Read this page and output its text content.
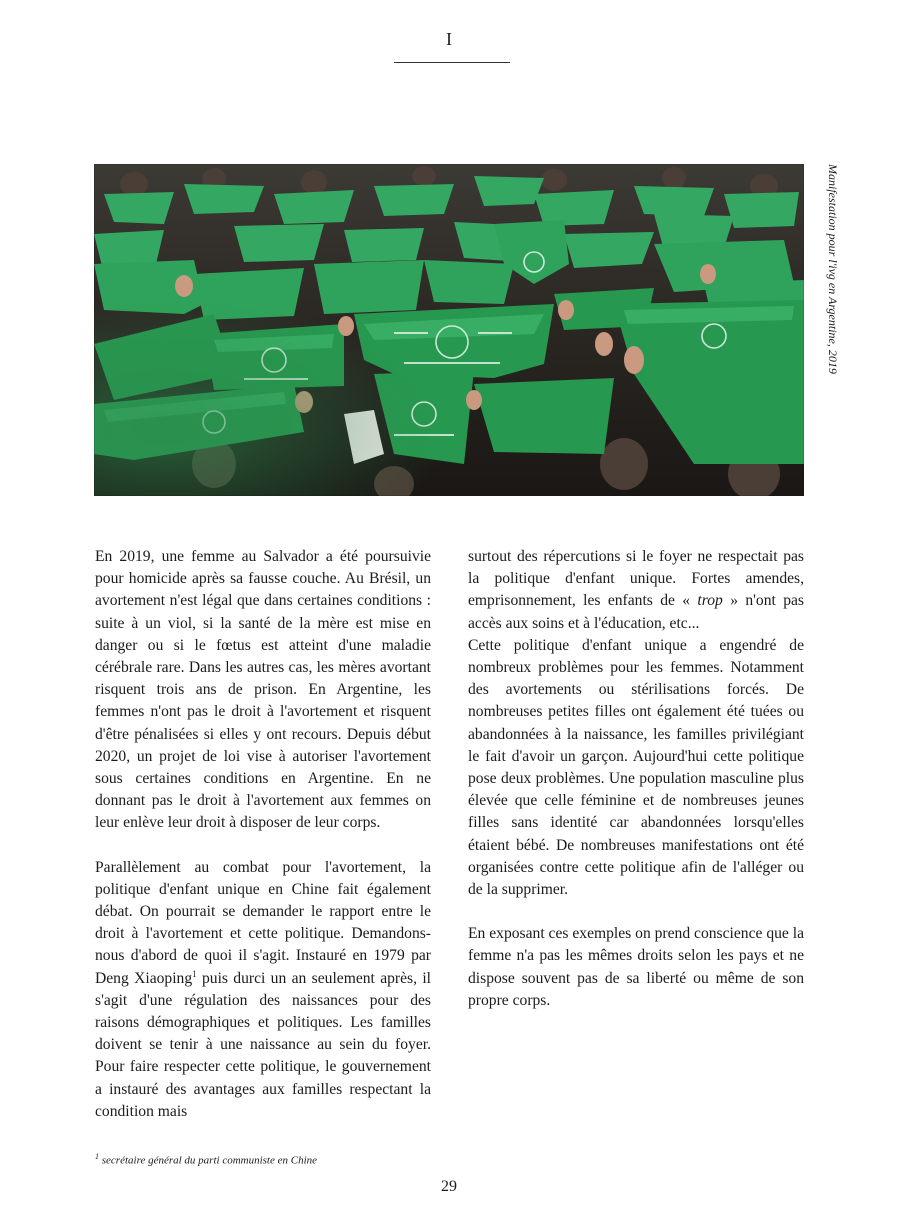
I
Manifestation pour l'ivg en Argentine, 2019

En 2019, une femme au Salvador a été poursuivie pour homicide après sa fausse couche. Au Brésil, un avortement n'est légal que dans certaines conditions : suite à un viol, si la santé de la mère est mise en danger ou si le fœtus est atteint d'une maladie cérébrale rare. Dans les autres cas, les mères avortant risquent trois ans de prison. En Argentine, les femmes n'ont pas le droit à l'avortement et risquent d'être pénalisées si elles y ont recours. Depuis début 2020, un projet de loi vise à autoriser l'avortement sous certaines conditions en Argentine. En ne donnant pas le droit à l'avortement aux femmes on leur enlève leur droit à disposer de leur corps.

Parallèlement au combat pour l'avortement, la politique d'enfant unique en Chine fait également débat. On pourrait se demander le rapport entre le droit à l'avortement et cette politique. Demandons-nous d'abord de quoi il s'agit. Instauré en 1979 par Deng Xiaoping$^1$ puis durci un an seulement après, il s'agit d'une régulation des naissances pour des raisons démographiques et politiques. Les familles doivent se tenir à une naissance au sein du foyer. Pour faire respecter cette politique, le gouvernement a instauré des avantages aux familles respectant la condition mais

surtout des répercutions si le foyer ne respectait pas la politique d'enfant unique. Fortes amendes, emprisonnement, les enfants de « trop » n'ont pas accès aux soins et à l'éducation, etc...

Cette politique d'enfant unique a engendré de nombreux problèmes pour les femmes. Notamment des avortements ou stérilisations forcés. De nombreuses petites filles ont également été tuées ou abandonnées à la naissance, les familles privilégiant le fait d'avoir un garçon. Aujourd'hui cette politique pose deux problèmes. Une population masculine plus élevée que celle féminine et de nombreuses jeunes filles sans identité car abandonnées lorsqu'elles étaient bébé. De nombreuses manifestations ont été organisées contre cette politique afin de l'alléger ou de la supprimer.

En exposant ces exemples on prend conscience que la femme n'a pas les mêmes droits selon les pays et ne dispose souvent pas de sa liberté ou même de son propre corps.

$^1$ secrétaire général du parti communiste en Chine
29
